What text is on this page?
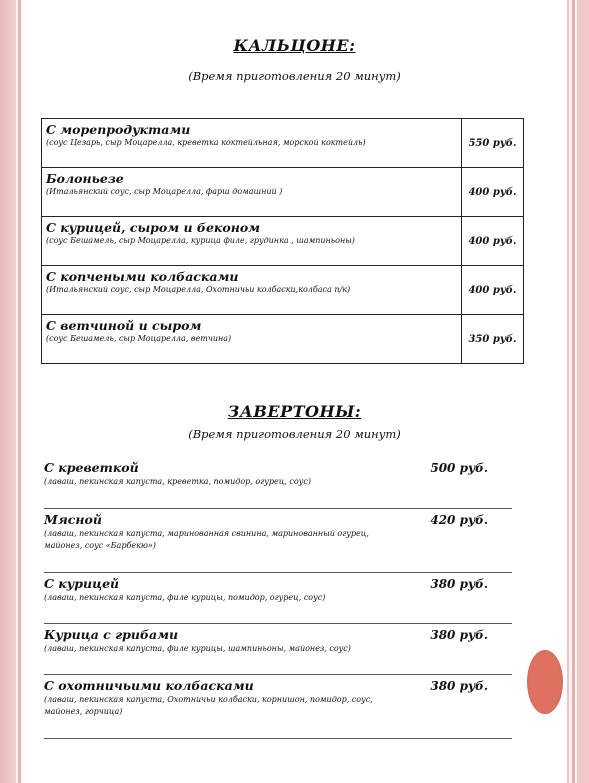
КАЛЬЦОНЕ:
(Время приготовления 20 минут)
С морепродуктами
(соус Цезарь, сыр Моцарелла, креветка коктейльная, морской коктейль)	550 руб.

Болоньезе
(Итальянский соус, сыр Моцарелла, фарш домашний )	400 руб.

С курицей, сыром и беконом
(соус Бешамель, сыр Моцарелла, курица филе, грудинка , шампиньоны)	400 руб.

С копчеными колбасками
(Итальянский соус, сыр Моцарелла, Охотничьи колбаски,колбаса п/к)	400 руб.

С ветчиной и сыром
(соус Бешамель, сыр Моцарелла, ветчина)	350 руб.
ЗАВЕРТОНЫ:
(Время приготовления 20 минут)
С креветкой
(лаваш, пекинская капуста, креветка, помидор, огурец, соус)
500 руб.
Мясной
(лаваш, пекинская капуста, маринованная свинина, маринованный огурец, майонез, соус «Барбекю»)
420 руб.
С курицей
(лаваш, пекинская капуста, филе курицы, помидор, огурец, соус)
380 руб.
Курица с грибами
(лаваш, пекинская капуста, филе курицы, шампиньоны, майонез, соус)
380 руб.
С охотничьими колбасками
(лаваш, пекинская капуста, Охотничьи колбаски, корнишон, помидор, соус, майонез, горчица)
380 руб.
